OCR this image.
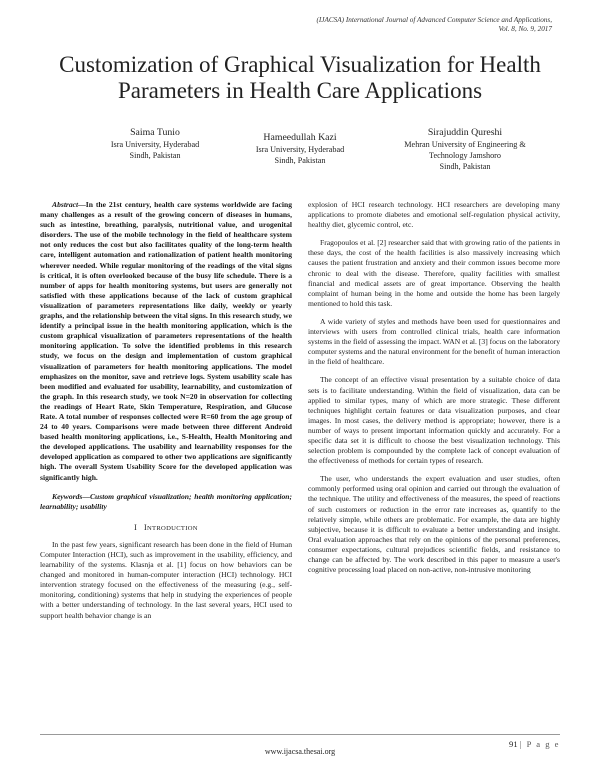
(IJACSA) International Journal of Advanced Computer Science and Applications,
Vol. 8, No. 9, 2017
Customization of Graphical Visualization for Health
Parameters in Health Care Applications
Saima Tunio
Isra University, Hyderabad
Sindh, Pakistan
Hameedullah Kazi
Isra University, Hyderabad
Sindh, Pakistan
Sirajuddin Qureshi
Mehran University of Engineering &
Technology Jamshoro
Sindh, Pakistan
Abstract—In the 21st century, health care systems worldwide are facing many challenges as a result of the growing concern of diseases in humans, such as intestine, breathing, paralysis, nutritional value, and urogenital disorders. The use of the mobile technology in the field of healthcare system not only reduces the cost but also facilitates quality of the long-term health care, intelligent automation and rationalization of patient health monitoring wherever needed. While regular monitoring of the readings of the vital signs is critical, it is often overlooked because of the busy life schedule. There is a number of apps for health monitoring systems, but users are generally not satisfied with these applications because of the lack of custom graphical visualization of parameters representations like daily, weekly or yearly graphs, and the relationship between the vital signs. In this research study, we identify a principal issue in the health monitoring application, which is the custom graphical visualization of parameters representations of the health monitoring application. To solve the identified problems in this research study, we focus on the design and implementation of custom graphical visualization of parameters for health monitoring applications. The model emphasizes on the monitor, save and retrieve logs. System usability scale has been modified and evaluated for usability, learnability, and customization of the graph. In this research study, we took N=20 in observation for collecting the readings of Heart Rate, Skin Temperature, Respiration, and Glucose Rate. A total number of responses collected were R=60 from the age group of 24 to 40 years. Comparisons were made between three different Android based health monitoring applications, i.e., S-Health, Health Monitoring and the developed applications. The usability and learnability responses for the developed application as compared to other two applications are significantly high. The overall System Usability Score for the developed application was significantly high.
Keywords—Custom graphical visualization; health monitoring application; learnability; usability
I INTRODUCTION

In the past few years, significant research has been done in the field of Human Computer Interaction (HCI), such as improvement in the usability, efficiency, and learnability of the systems. Klasnja et al. [1] focus on how behaviors can be changed and monitored in human-computer interaction (HCI) technology. HCI intervention strategy focused on the effectiveness of the measuring (e.g., self-monitoring, conditioning) systems that help in studying the experiences of people with a better understanding of technology. In the last several years, HCI used to support health behavior change is an

explosion of HCI research technology. HCI researchers are developing many applications to promote diabetes and emotional self-regulation physical activity, healthy diet, glycemic control, etc.

Fragopoulos et al. [2] researcher said that with growing ratio of the patients in these days, the cost of the health facilities is also massively increasing which causes the patient frustration and anxiety and their common issues become more chronic to deal with the disease. Therefore, quality facilities with smallest financial and medical assets are of great importance. Observing the health complaint of human being in the home and outside the home has been largely mentioned to hold this task.

A wide variety of styles and methods have been used for questionnaires and interviews with users from controlled clinical trials, health care information systems in the field of assessing the impact. WAN et al. [3] focus on the laboratory computer systems and the natural environment for the benefit of human interaction in the field of healthcare.

The concept of an effective visual presentation by a suitable choice of data sets is to facilitate understanding. Within the field of visualization, data can be applied to similar types, many of which are more strategic. These different techniques highlight certain features or data visualization purposes, and clear images. In most cases, the delivery method is appropriate; however, there is a number of ways to present important information quickly and accurately. For a specific data set it is difficult to choose the best visualization technology. This selection problem is compounded by the complete lack of concept evaluation of the effectiveness of methods for certain types of research.

The user, who understands the expert evaluation and user studies, often commonly performed using oral opinion and carried out through the evaluation of the technique. The utility and effectiveness of the measures, the speed of reactions of such customers or reduction in the error rate increases as, quantify to the relatively simple, while others are problematic. For example, the data are highly subjective, because it is difficult to evaluate a better understanding and insight. Oral evaluation approaches that rely on the opinions of the personal preferences, consumer expectations, cultural prejudices scientific fields, and resistance to change can be affected by. The work described in this paper to measure a user's cognitive processing load placed on non-active, non-intrusive monitoring

91 | P a g e
www.ijacsa.thesai.org
